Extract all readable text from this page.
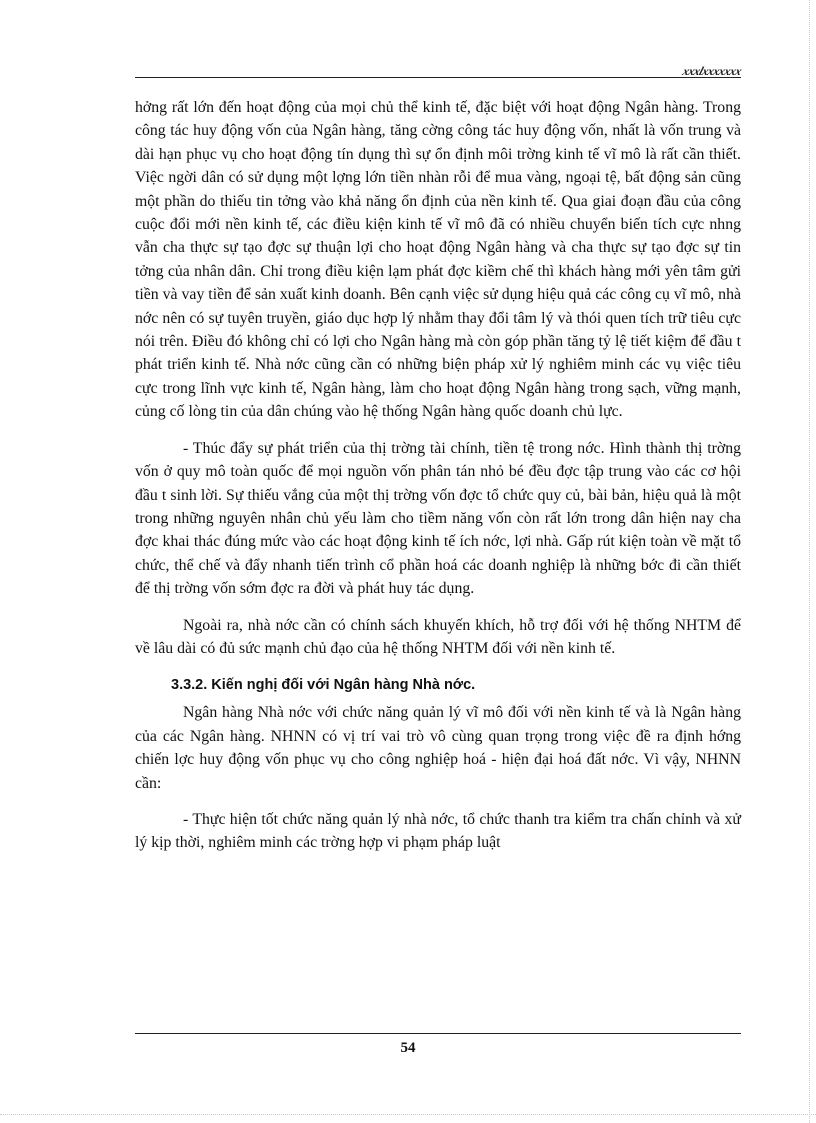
xxxlxxxxxxx

hởng rất lớn đến hoạt động của mọi chủ thể kinh tế, đặc biệt với hoạt động Ngân hàng. Trong công tác huy động vốn của Ngân hàng, tăng cờng công tác huy động vốn, nhất là vốn trung và dài hạn phục vụ cho hoạt động tín dụng thì sự ổn định môi trờng kinh tế vĩ mô là rất cần thiết. Việc ngời dân có sử dụng một lợng lớn tiền nhàn rỗi để mua vàng, ngoại tệ, bất động sản cũng một phần do thiếu tin tởng vào khả năng ổn định của nền kinh tế. Qua giai đoạn đầu của công cuộc đổi mới nền kinh tế, các điều kiện kinh tế vĩ mô đã có nhiều chuyển biến tích cực nhng vẫn cha thực sự tạo đợc sự thuận lợi cho hoạt động Ngân hàng và cha thực sự tạo đợc sự tin tởng của nhân dân. Chỉ trong điều kiện lạm phát đợc kiềm chế thì khách hàng mới yên tâm gửi tiền và vay tiền để sản xuất kinh doanh. Bên cạnh việc sử dụng hiệu quả các công cụ vĩ mô, nhà nớc nên có sự tuyên truyền, giáo dục hợp lý nhằm thay đổi tâm lý và thói quen tích trữ tiêu cực nói trên. Điều đó không chỉ có lợi cho Ngân hàng mà còn góp phần tăng tỷ lệ tiết kiệm để đầu t phát triển kinh tế. Nhà nớc cũng cần có những biện pháp xử lý nghiêm minh các vụ việc tiêu cực trong lĩnh vực kinh tế, Ngân hàng, làm cho hoạt động Ngân hàng trong sạch, vững mạnh, củng cố lòng tin của dân chúng vào hệ thống Ngân hàng quốc doanh chủ lực.

- Thúc đẩy sự phát triển của thị trờng tài chính, tiền tệ trong nớc. Hình thành thị trờng vốn ở quy mô toàn quốc để mọi nguồn vốn phân tán nhỏ bé đều đợc tập trung vào các cơ hội đầu t sinh lời. Sự thiếu vắng của một thị trờng vốn đợc tổ chức quy củ, bài bản, hiệu quả là một trong những nguyên nhân chủ yếu làm cho tiềm năng vốn còn rất lớn trong dân hiện nay cha đợc khai thác đúng mức vào các hoạt động kinh tế ích nớc, lợi nhà. Gấp rút kiện toàn về mặt tổ chức, thể chế và đẩy nhanh tiến trình cổ phần hoá các doanh nghiệp là những bớc đi cần thiết để thị trờng vốn sớm đợc ra đời và phát huy tác dụng.

Ngoài ra, nhà nớc cần có chính sách khuyến khích, hỗ trợ đối với hệ thống NHTM để về lâu dài có đủ sức mạnh chủ đạo của hệ thống NHTM đối với nền kinh tế.

3.3.2. Kiến nghị đối với Ngân hàng Nhà nớc.

Ngân hàng Nhà nớc với chức năng quản lý vĩ mô đối với nền kinh tế và là Ngân hàng của các Ngân hàng. NHNN có vị trí vai trò vô cùng quan trọng trong việc đề ra định hớng chiến lợc huy động vốn phục vụ cho công nghiệp hoá - hiện đại hoá đất nớc. Vì vậy, NHNN cần:

- Thực hiện tốt chức năng quản lý nhà nớc, tổ chức thanh tra kiểm tra chấn chỉnh và xử lý kịp thời, nghiêm minh các trờng hợp vi phạm pháp luật

54
